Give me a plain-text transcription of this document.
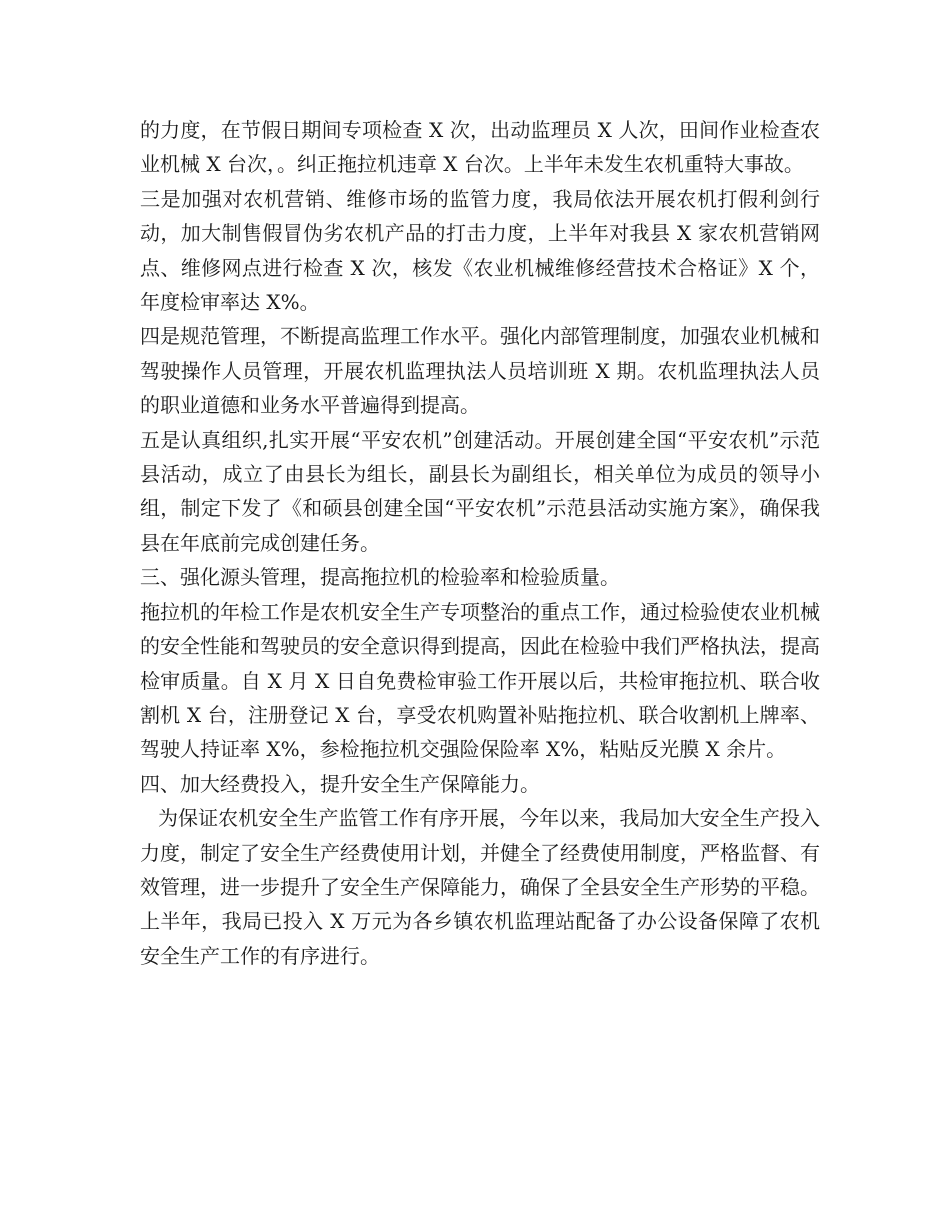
的力度，在节假日期间专项检查 X 次，出动监理员 X 人次，田间作业检查农业机械 X 台次，。纠正拖拉机违章 X 台次。上半年未发生农机重特大事故。

三是加强对农机营销、维修市场的监管力度，我局依法开展农机打假利剑行动，加大制售假冒伪劣农机产品的打击力度，上半年对我县 X 家农机营销网点、维修网点进行检查 X 次，核发《农业机械维修经营技术合格证》X 个，年度检审率达 X%。

四是规范管理，不断提高监理工作水平。强化内部管理制度，加强农业机械和驾驶操作人员管理，开展农机监理执法人员培训班 X 期。农机监理执法人员的职业道德和业务水平普遍得到提高。

五是认真组织,扎实开展“平安农机”创建活动。开展创建全国“平安农机”示范县活动，成立了由县长为组长，副县长为副组长，相关单位为成员的领导小组，制定下发了《和硕县创建全国“平安农机”示范县活动实施方案》，确保我县在年底前完成创建任务。

三、强化源头管理，提高拖拉机的检验率和检验质量。

拖拉机的年检工作是农机安全生产专项整治的重点工作，通过检验使农业机械的安全性能和驾驶员的安全意识得到提高，因此在检验中我们严格执法，提高检审质量。自 X 月 X 日自免费检审验工作开展以后，共检审拖拉机、联合收割机 X 台，注册登记 X 台，享受农机购置补贴拖拉机、联合收割机上牌率、驾驶人持证率 X%，参检拖拉机交强险保险率 X%，粘贴反光膜 X 余片。

四、加大经费投入，提升安全生产保障能力。

为保证农机安全生产监管工作有序开展，今年以来，我局加大安全生产投入力度，制定了安全生产经费使用计划，并健全了经费使用制度，严格监督、有效管理，进一步提升了安全生产保障能力，确保了全县安全生产形势的平稳。上半年，我局已投入 X 万元为各乡镇农机监理站配备了办公设备保障了农机安全生产工作的有序进行。
